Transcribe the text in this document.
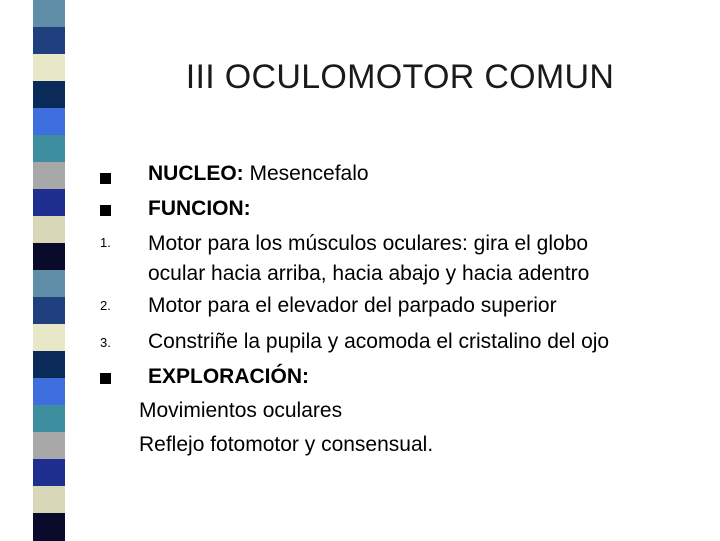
III OCULOMOTOR COMUN
NUCLEO: Mesencefalo
FUNCION:
1. Motor para los músculos oculares: gira el globo
ocular hacia arriba, hacia abajo y hacia adentro
2. Motor para el elevador del parpado superior
3. Constriñe la pupila y acomoda el cristalino del ojo
EXPLORACIÓN:
Movimientos oculares
Reflejo fotomotor y consensual.
